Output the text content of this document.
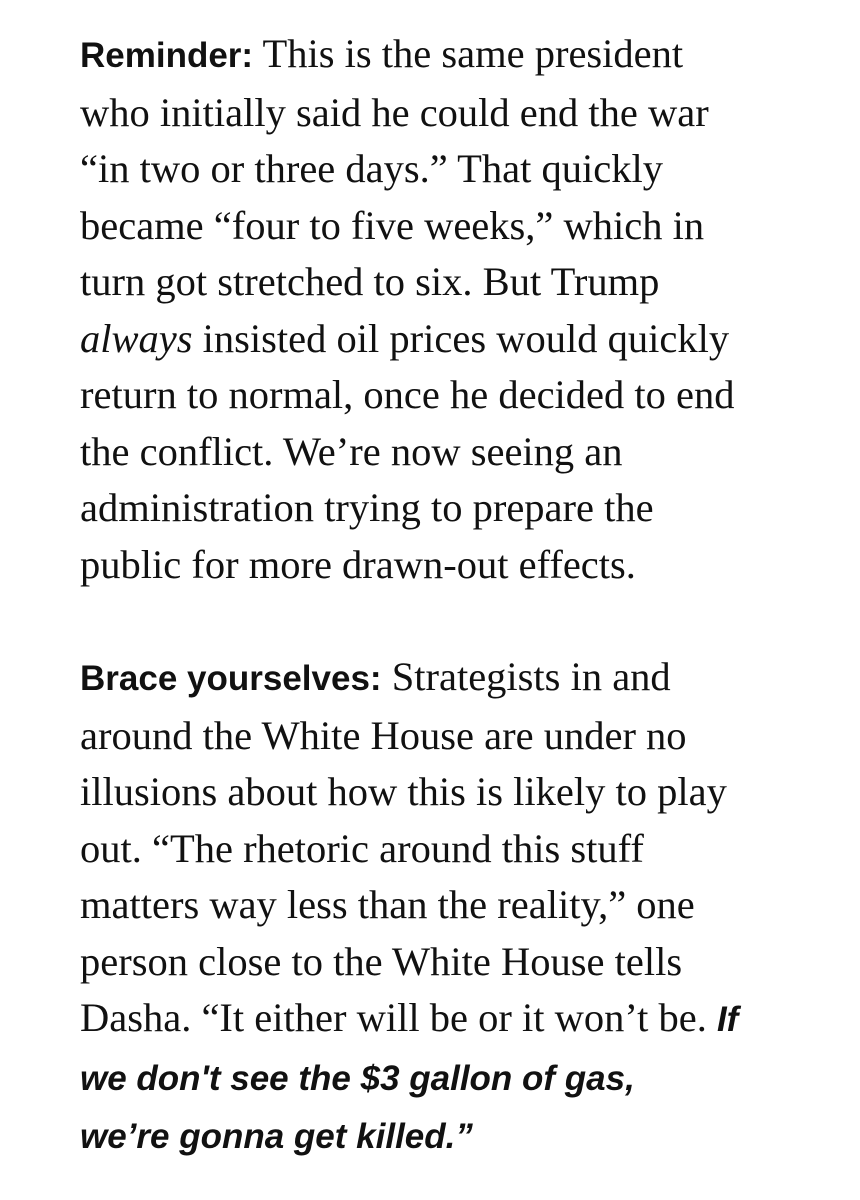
Reminder: This is the same president
who initially said he could end the war
“in two or three days.” That quickly
became “four to five weeks,” which in
turn got stretched to six. But Trump
always insisted oil prices would quickly
return to normal, once he decided to end
the conflict. We’re now seeing an
administration trying to prepare the
public for more drawn-out effects.

Brace yourselves: Strategists in and
around the White House are under no
illusions about how this is likely to play
out. “The rhetoric around this stuff
matters way less than the reality,” one
person close to the White House tells
Dasha. “It either will be or it won’t be. If
we don't see the $3 gallon of gas,
we’re gonna get killed.”
